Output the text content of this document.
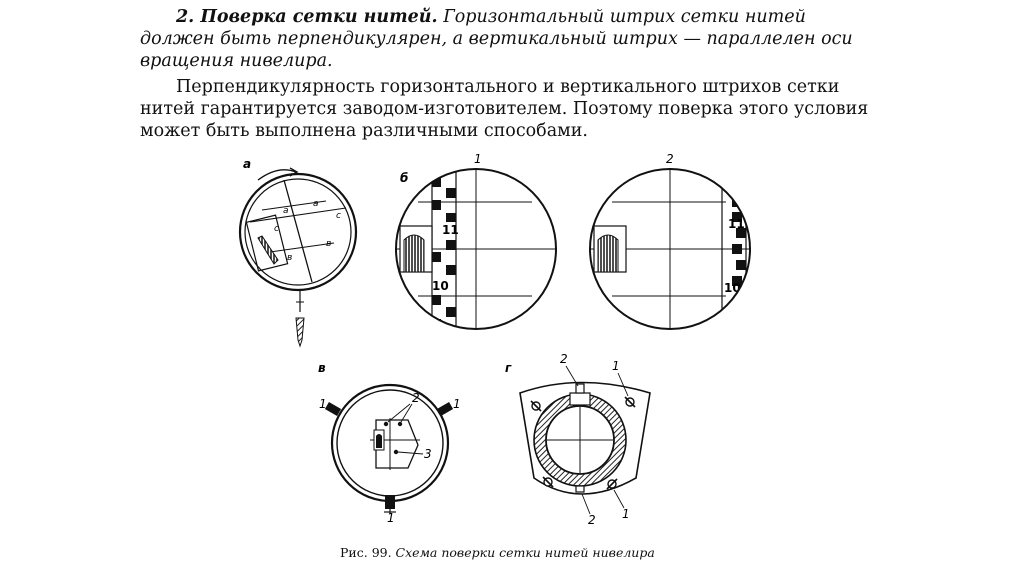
2. Поверка сетки нитей. Горизонтальный штрих сетки нитей должен быть перпендикулярен, а вертикальный штрих — параллелен оси вращения нивелира.

Перпендикулярность горизонтального и вертикального штрихов сетки нитей гарантируется заводом-изготовителем. Поэтому поверка этого условия может быть выполнена различными способами.

а
а
а
с
с
в
в
б
1	2
11
10
11
10
в
1	1
1
2
3
г
2	1
2 1
Рис. 99. Схема поверки сетки нитей нивелира
